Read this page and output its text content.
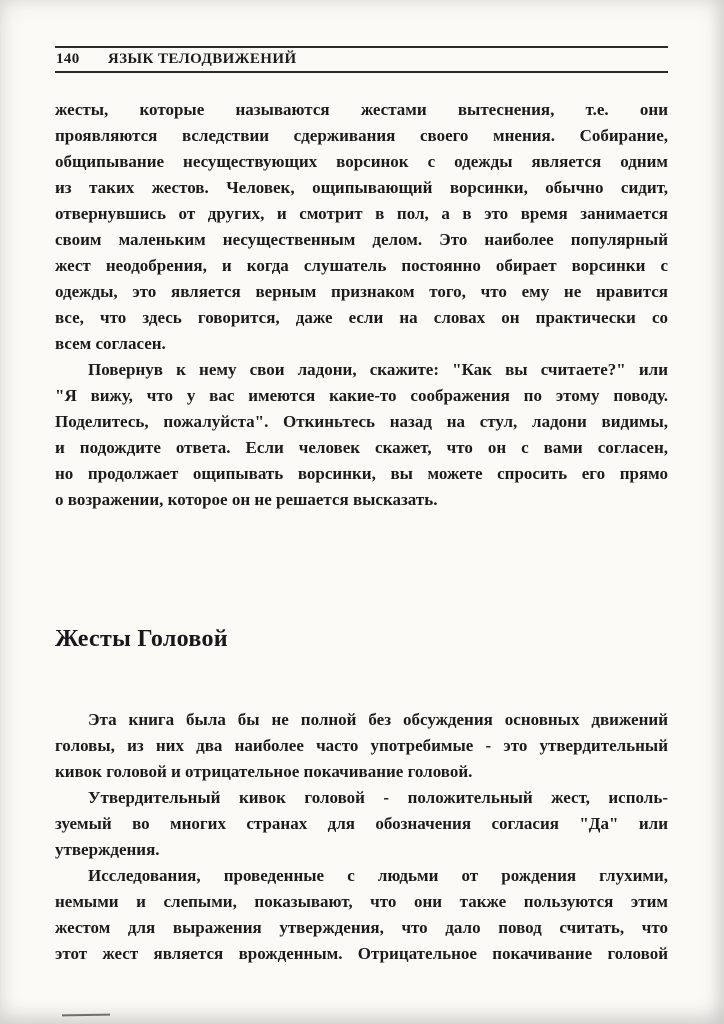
140 ЯЗЫК ТЕЛОДВИЖЕНИЙ
жесты, которые называются жестами вытеснения, т.е. они
проявляются вследствии сдерживания своего мнения. Собирание,
общипывание несуществующих ворсинок с одежды является одним
из таких жестов. Человек, ощипывающий ворсинки, обычно сидит,
отвернувшись от других, и смотрит в пол, а в это время занимается
своим маленьким несущественным делом. Это наиболее популярный
жест неодобрения, и когда слушатель постоянно обирает ворсинки с
одежды, это является верным признаком того, что ему не нравится
все, что здесь говорится, даже если на словах он практически со
всем согласен.
Повернув к нему свои ладони, скажите: "Как вы считаете?" или
"Я вижу, что у вас имеются какие-то соображения по этому поводу.
Поделитесь, пожалуйста". Откиньтесь назад на стул, ладони видимы,
и подождите ответа. Если человек скажет, что он с вами согласен,
но продолжает ощипывать ворсинки, вы можете спросить его прямо
о возражении, которое он не решается высказать.
Жесты Головой
Эта книга была бы не полной без обсуждения основных движений
головы, из них два наиболее часто употребимые - это утвердительный
кивок головой и отрицательное покачивание головой.
Утвердительный кивок головой - положительный жест, исполь-
зуемый во многих странах для обозначения согласия "Да" или
утверждения.
Исследования, проведенные с людьми от рождения глухими,
немыми и слепыми, показывают, что они также пользуются этим
жестом для выражения утверждения, что дало повод считать, что
этот жест является врожденным. Отрицательное покачивание головой
